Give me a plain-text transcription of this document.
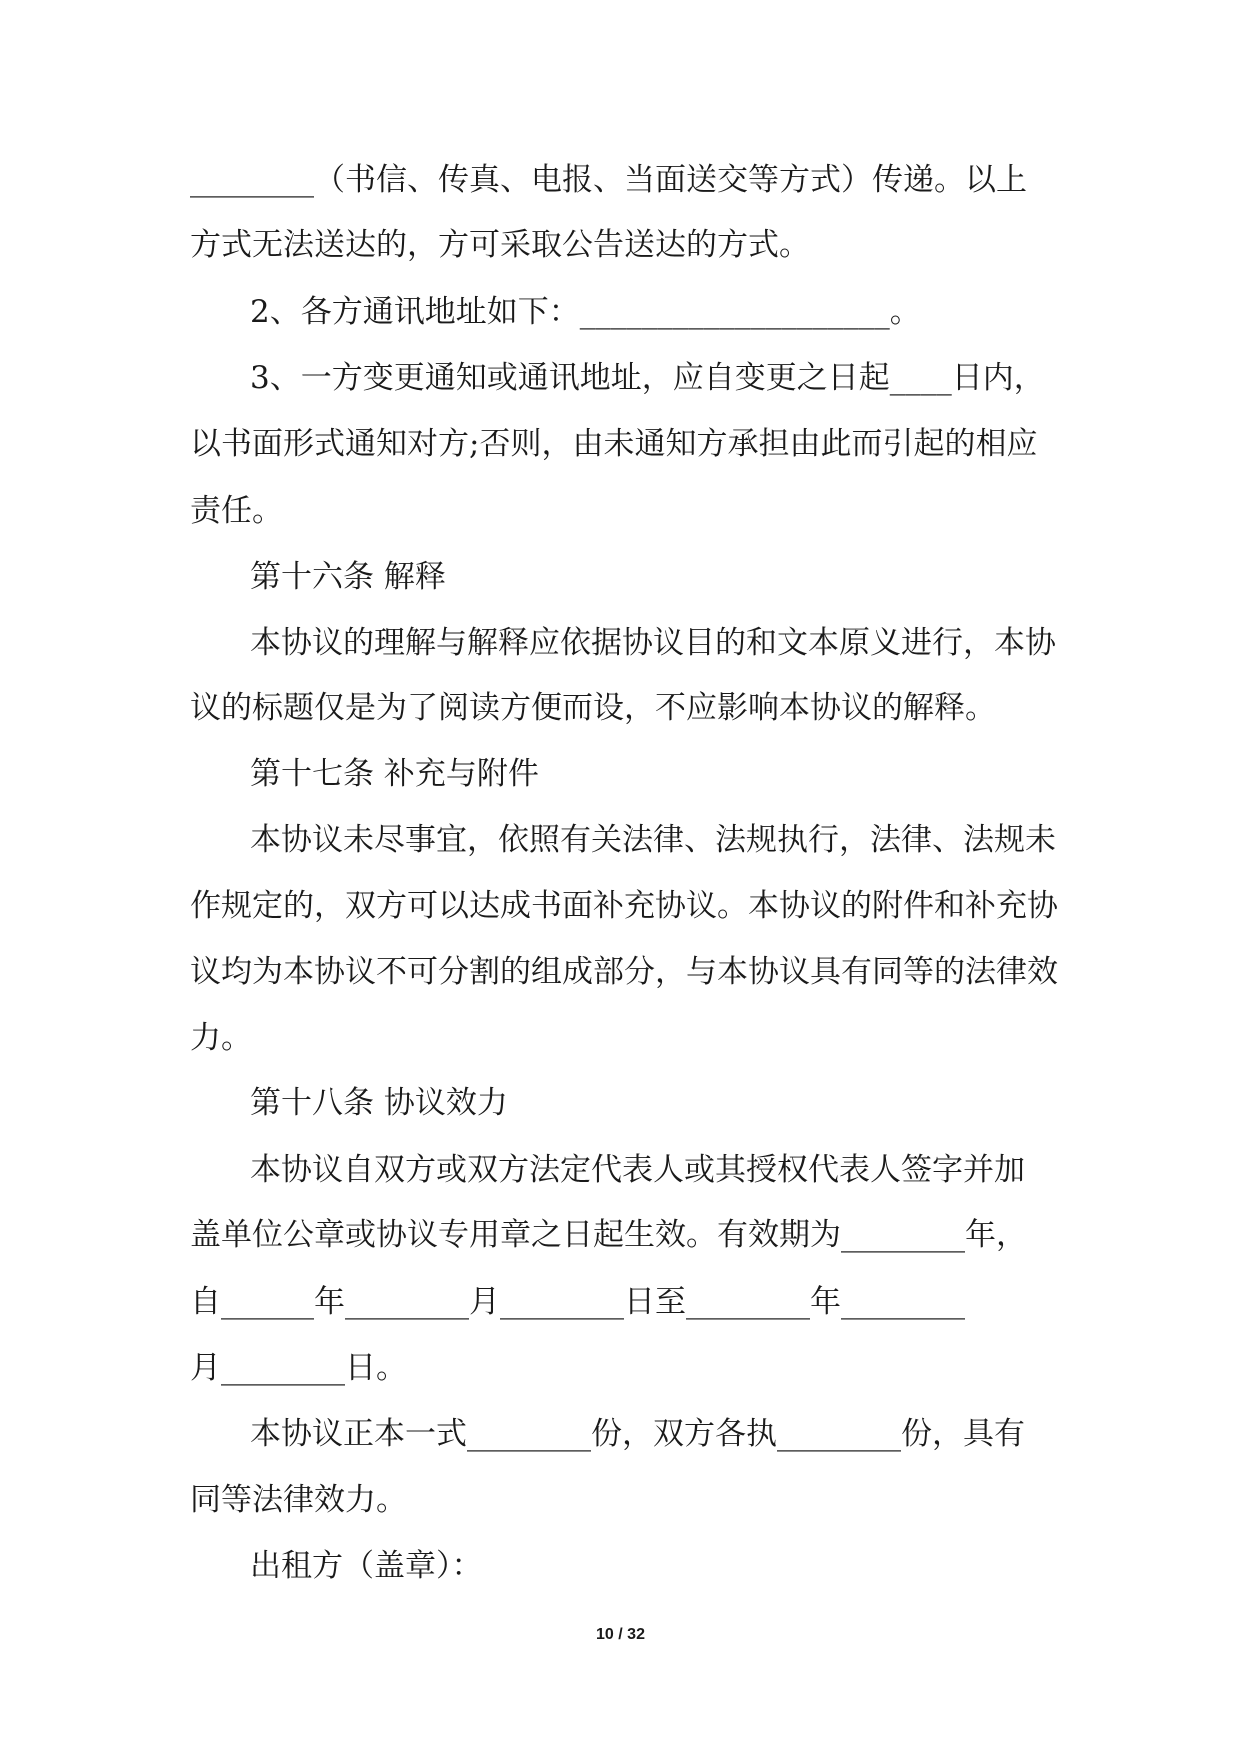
________（书信、传真、电报、当面送交等方式）传递。以上
方式无法送达的，方可采取公告送达的方式。
2、各方通讯地址如下：____________________。
3、一方变更通知或通讯地址，应自变更之日起____日内，
以书面形式通知对方;否则，由未通知方承担由此而引起的相应
责任。
第十六条 解释
本协议的理解与解释应依据协议目的和文本原义进行，本协
议的标题仅是为了阅读方便而设，不应影响本协议的解释。
第十七条 补充与附件
本协议未尽事宜，依照有关法律、法规执行，法律、法规未
作规定的，双方可以达成书面补充协议。本协议的附件和补充协
议均为本协议不可分割的组成部分，与本协议具有同等的法律效
力。
第十八条 协议效力
本协议自双方或双方法定代表人或其授权代表人签字并加
盖单位公章或协议专用章之日起生效。有效期为________年，
自______年________月________日至________年________
月________日。
本协议正本一式________份，双方各执________份，具有
同等法律效力。
出租方（盖章）：
10 / 32
